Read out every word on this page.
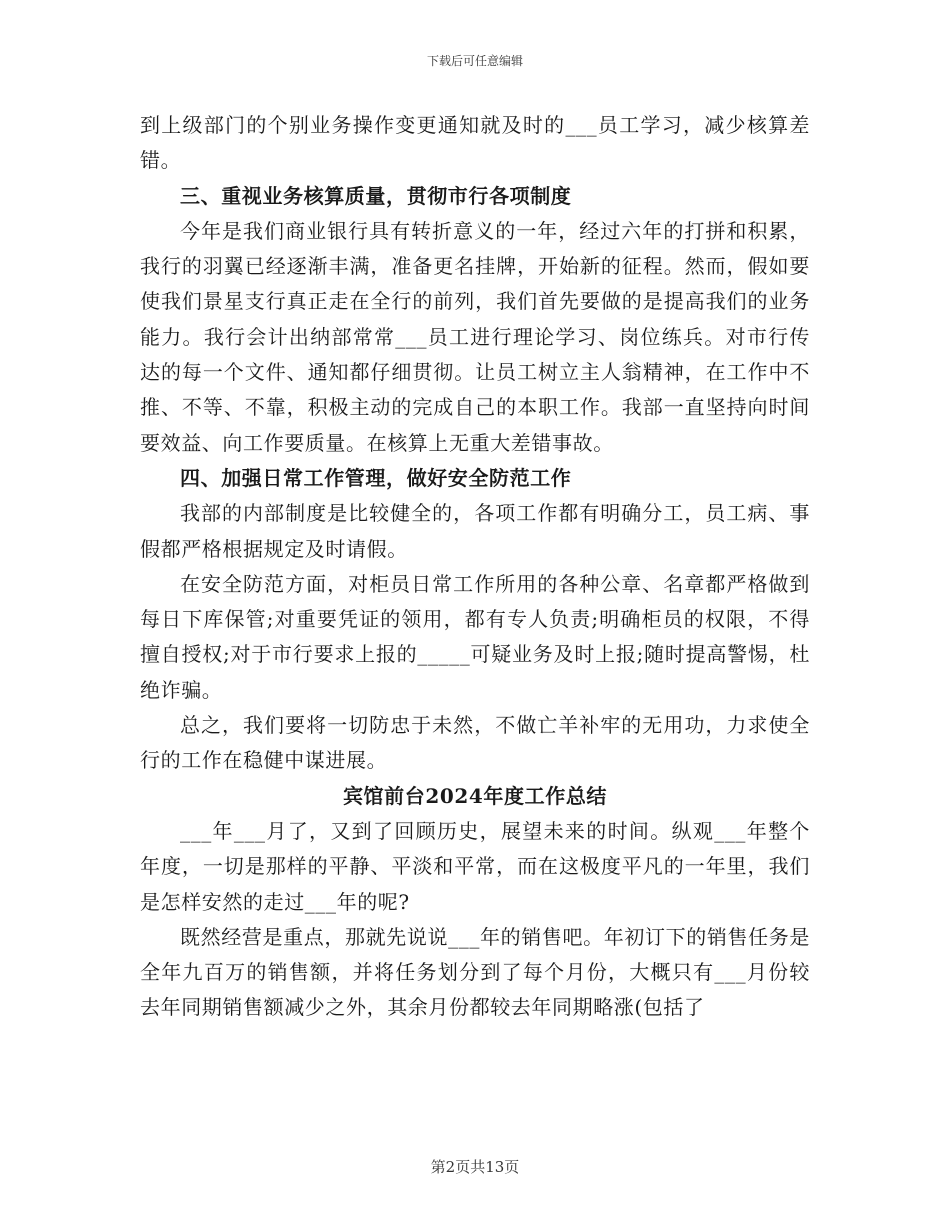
下载后可任意编辑

到上级部门的个别业务操作变更通知就及时的___员工学习，减少核算差错。

三、重视业务核算质量，贯彻市行各项制度

今年是我们商业银行具有转折意义的一年，经过六年的打拼和积累，我行的羽翼已经逐渐丰满，准备更名挂牌，开始新的征程。然而，假如要使我们景星支行真正走在全行的前列，我们首先要做的是提高我们的业务能力。我行会计出纳部常常___员工进行理论学习、岗位练兵。对市行传达的每一个文件、通知都仔细贯彻。让员工树立主人翁精神，在工作中不推、不等、不靠，积极主动的完成自己的本职工作。我部一直坚持向时间要效益、向工作要质量。在核算上无重大差错事故。

四、加强日常工作管理，做好安全防范工作

我部的内部制度是比较健全的，各项工作都有明确分工，员工病、事假都严格根据规定及时请假。

在安全防范方面，对柜员日常工作所用的各种公章、名章都严格做到每日下库保管;对重要凭证的领用，都有专人负责;明确柜员的权限，不得擅自授权;对于市行要求上报的_____可疑业务及时上报;随时提高警惕，杜绝诈骗。

总之，我们要将一切防忠于未然，不做亡羊补牢的无用功，力求使全行的工作在稳健中谋进展。

宾馆前台2024年度工作总结

___年___月了，又到了回顾历史，展望未来的时间。纵观___年整个年度，一切是那样的平静、平淡和平常，而在这极度平凡的一年里，我们是怎样安然的走过___年的呢?

既然经营是重点，那就先说说___年的销售吧。年初订下的销售任务是全年九百万的销售额，并将任务划分到了每个月份，大概只有___月份较去年同期销售额减少之外，其余月份都较去年同期略涨(包括了

第2页共13页
